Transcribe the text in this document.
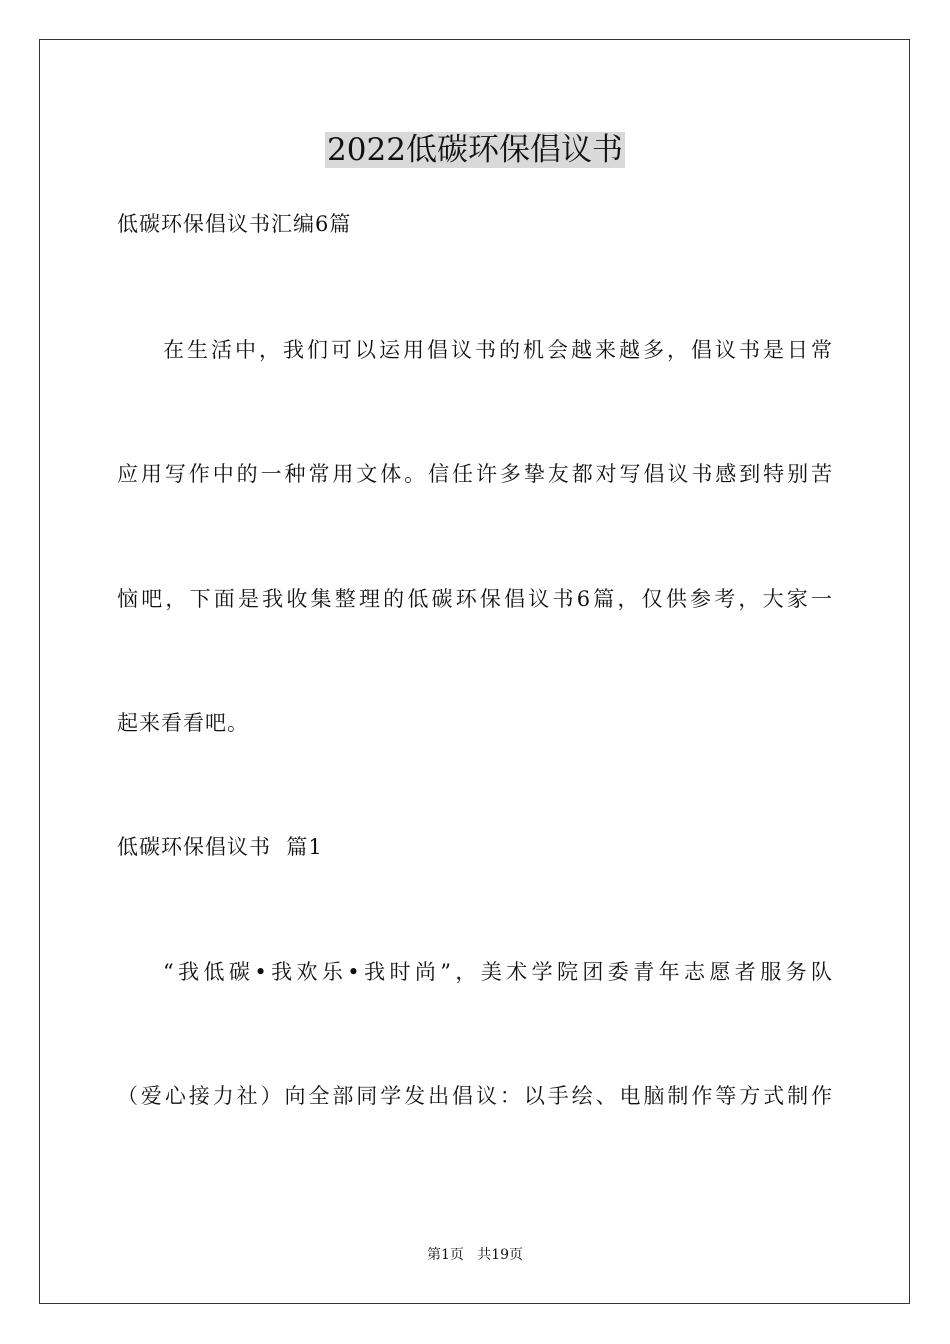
2022低碳环保倡议书
低碳环保倡议书汇编6篇
在生活中，我们可以运用倡议书的机会越来越多，倡议书是日常
应用写作中的一种常用文体。信任许多挚友都对写倡议书感到特别苦
恼吧，下面是我收集整理的低碳环保倡议书6篇，仅供参考，大家一
起来看看吧。
低碳环保倡议书  篇1
“我低碳•我欢乐•我时尚”，美术学院团委青年志愿者服务队
（爱心接力社）向全部同学发出倡议：以手绘、电脑制作等方式制作
第1页   共19页
